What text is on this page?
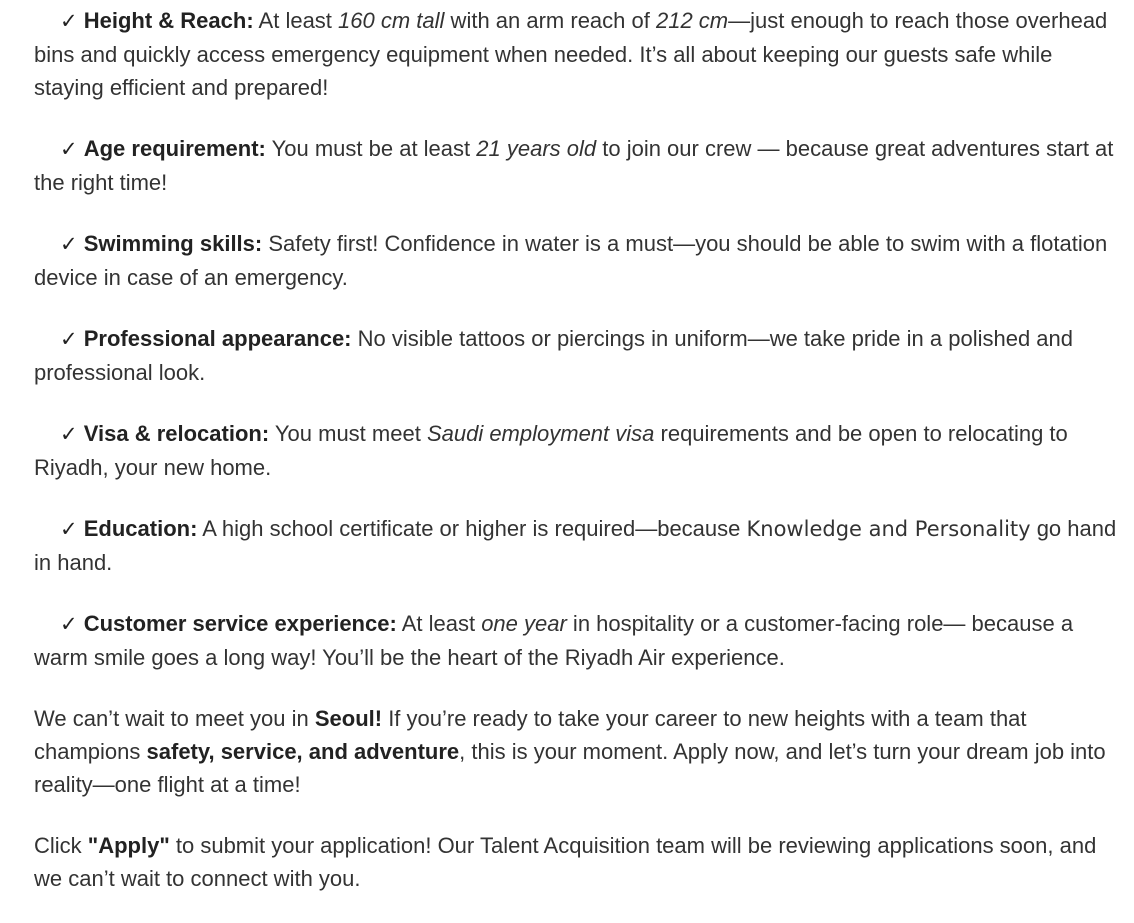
✓ Height & Reach: At least 160 cm tall with an arm reach of 212 cm—just enough to reach those overhead bins and quickly access emergency equipment when needed. It’s all about keeping our guests safe while staying efficient and prepared!

✓ Age requirement: You must be at least 21 years old to join our crew — because great adventures start at the right time!

✓ Swimming skills: Safety first! Confidence in water is a must—you should be able to swim with a flotation device in case of an emergency.

✓ Professional appearance: No visible tattoos or piercings in uniform—we take pride in a polished and professional look.

✓ Visa & relocation: You must meet Saudi employment visa requirements and be open to relocating to Riyadh, your new home.

✓ Education: A high school certificate or higher is required—because Knowledge and Personality go hand in hand.

✓ Customer service experience: At least one year in hospitality or a customer-facing role— because a warm smile goes a long way! You’ll be the heart of the Riyadh Air experience.

We can’t wait to meet you in Seoul! If you’re ready to take your career to new heights with a team that champions safety, service, and adventure, this is your moment. Apply now, and let’s turn your dream job into reality—one flight at a time!

Click "Apply" to submit your application! Our Talent Acquisition team will be reviewing applications soon, and we can’t wait to connect with you.
